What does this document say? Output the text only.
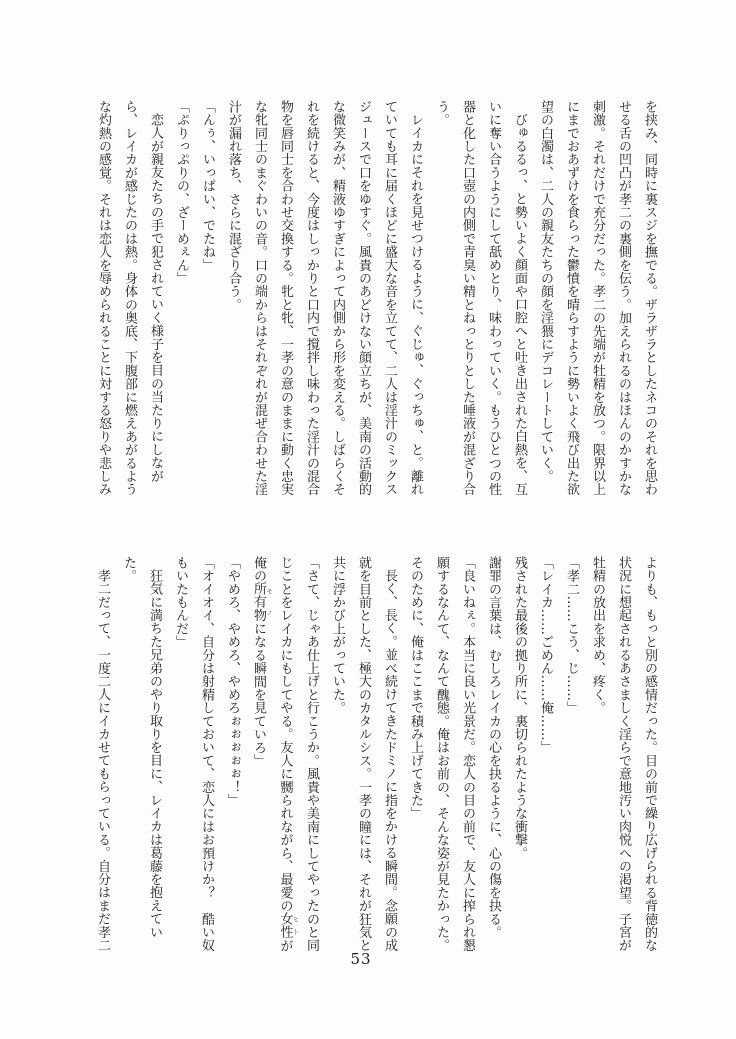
を挟み、同時に裏スジを撫でる。ザラザラとしたネコのそれを思わ

せる舌の凹凸が孝二の裏側を伝う。加えられるのはほんのかすかな

刺激。それだけで充分だった。孝二の先端が牡精を放つ。限界以上

にまでおあずけを食らった鬱憤を晴らすように勢いよく飛び出た欲

望の白濁は、二人の親友たちの顔を淫猥にデコレートしていく。

びゅるるっ、と勢いよく顔面や口腔へと吐き出された白熱を、互

いに奪い合うようにして舐めとり、味わっていく。もうひとつの性

器と化した口壺の内側で青臭い精とねっとりとした唾液が混ざり合

う。

レイカにそれを見せつけるように、ぐじゅ、ぐっちゅ、と。離れ

ていても耳に届くほどに盛大な音を立てて、二人は淫汁のミックス

ジュースで口をゆすぐ。風貴のあどけない顔立ちが、美南の活動的

な微笑みが、精液ゆすぎによって内側から形を変える。しばらくそ

れを続けると、今度はしっかりと口内で撹拌し味わった淫汁の混合

物を唇同士を合わせ交換する。牝と牝、一孝の意のままに動く忠実

な牝同士のまぐわいの音。口の端からはそれぞれが混ぜ合わせた淫

汁が漏れ落ち、さらに混ざり合う。

「んぅ、いっぱい、でたね」

「ぷりっぷりの、ざーめぇん」

恋人が親友たちの手で犯されていく様子を目の当たりにしなが

ら、レイカが感じたのは熱。身体の奥底、下腹部に燃えあがるよう

な灼熱の感覚。それは恋人を辱められることに対する怒りや悲しみ

よりも、もっと別の感情だった。目の前で繰り広げられる背徳的な

状況に想起されるあさましく淫らで意地汚い肉悦への渇望。子宮が

牡精の放出を求め、疼く。

「孝二……こう、じ……」

「レイカ……ごめん……俺……」

残された最後の拠り所に、裏切られたような衝撃。

謝罪の言葉は、むしろレイカの心を抉るように、心の傷を抉る。

「良いねぇ。本当に良い光景だ。恋人の目の前で、友人に搾られ懇

願するなんて、なんて醜態。俺はお前の、そんな姿が見たかった。

そのために、俺はここまで積み上げてきた」

長く、長く。並べ続けてきたドミノに指をかける瞬間。念願の成

就を目前とした、極大のカタルシス。一孝の瞳には、それが狂気と

共に浮かび上がっていた。

「さて、じゃあ仕上げと行こうか。風貴や美南にしてやったのと同

じことをレイカにもしてやる。友人に嬲られながら、最愛の女性 ヒトが

俺の所有物 モノになる瞬間を見ていろ」

「やめろ、やめろ、やめろぉぉぉぉぉ！」

「オイオイ、自分は射精しておいて、恋人にはお預けか？　酷い奴

もいたもんだ」

狂気に満ちた兄弟のやり取りを目に、レイカは葛藤を抱えてい

た。

孝二だって、一度二人にイカせてもらっている。自分はまだ孝二

53
